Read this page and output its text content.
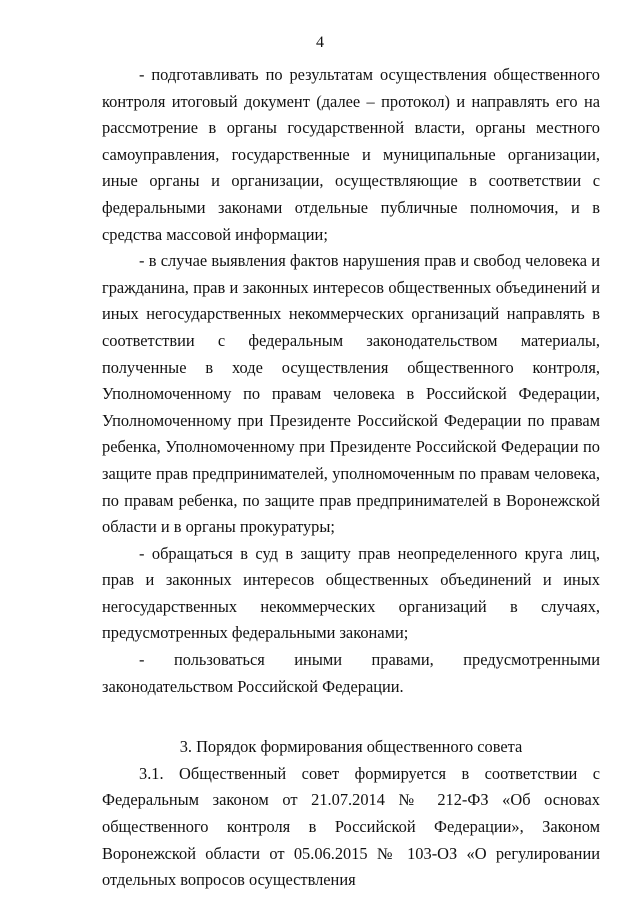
4

- подготавливать по результатам осуществления общественного контроля итоговый документ (далее – протокол) и направлять его на рассмотрение в органы государственной власти, органы местного самоуправления, государственные и муниципальные организации, иные органы и организации, осуществляющие в соответствии с федеральными законами отдельные публичные полномочия, и в средства массовой информации;

- в случае выявления фактов нарушения прав и свобод человека и гражданина, прав и законных интересов общественных объединений и иных негосударственных некоммерческих организаций направлять в соответствии с федеральным законодательством материалы, полученные в ходе осуществления общественного контроля, Уполномоченному по правам человека в Российской Федерации, Уполномоченному при Президенте Российской Федерации по правам ребенка, Уполномоченному при Президенте Российской Федерации по защите прав предпринимателей, уполномоченным по правам человека, по правам ребенка, по защите прав предпринимателей в Воронежской области и в органы прокуратуры;

- обращаться в суд в защиту прав неопределенного круга лиц, прав и законных интересов общественных объединений и иных негосударственных некоммерческих организаций в случаях, предусмотренных федеральными законами;

- пользоваться иными правами, предусмотренными законодательством Российской Федерации.

3. Порядок формирования общественного совета

3.1. Общественный совет формируется в соответствии с Федеральным законом от 21.07.2014 № 212-ФЗ «Об основах общественного контроля в Российской Федерации», Законом Воронежской области от 05.06.2015 № 103-ОЗ «О регулировании отдельных вопросов осуществления
